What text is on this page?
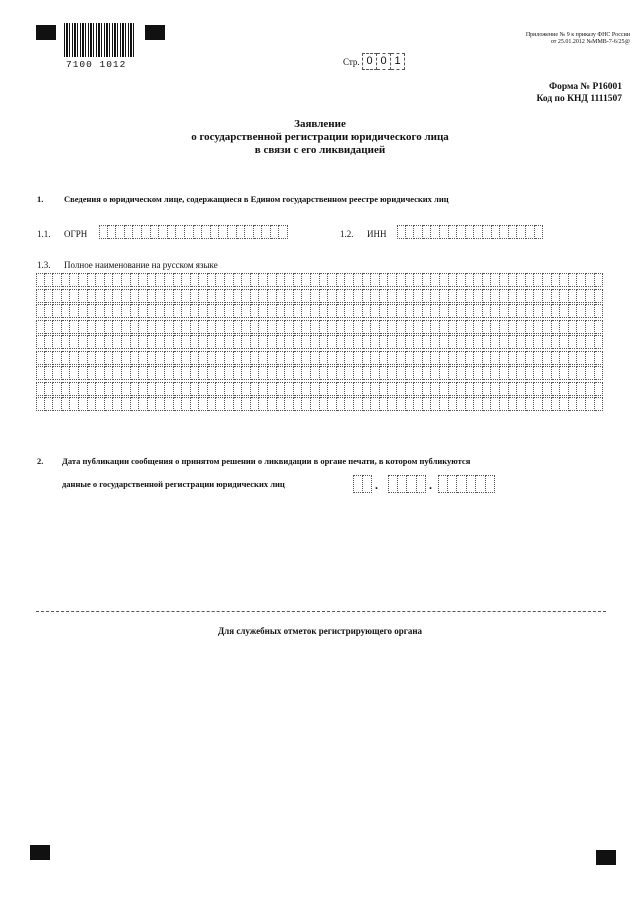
7100 1012
Приложение № 9 к приказу ФНС России
от 25.01.2012 №ММВ-7-6/25@
Стр. 0 0 1
Форма № Р16001
Код по КНД 1111507
Заявление
о государственной регистрации юридического лица
в связи с его ликвидацией
1. Сведения о юридическом лице, содержащиеся в Едином государственном реестре юридических лиц
1.1. ОГРН	1.2. ИНН
1.3. Полное наименование на русском языке
2. Дата публикации сообщения о принятом решении о ликвидации в органе печати, в котором публикуются
данные о государственной регистрации юридических лиц	.	.
Для служебных отметок регистрирующего органа
